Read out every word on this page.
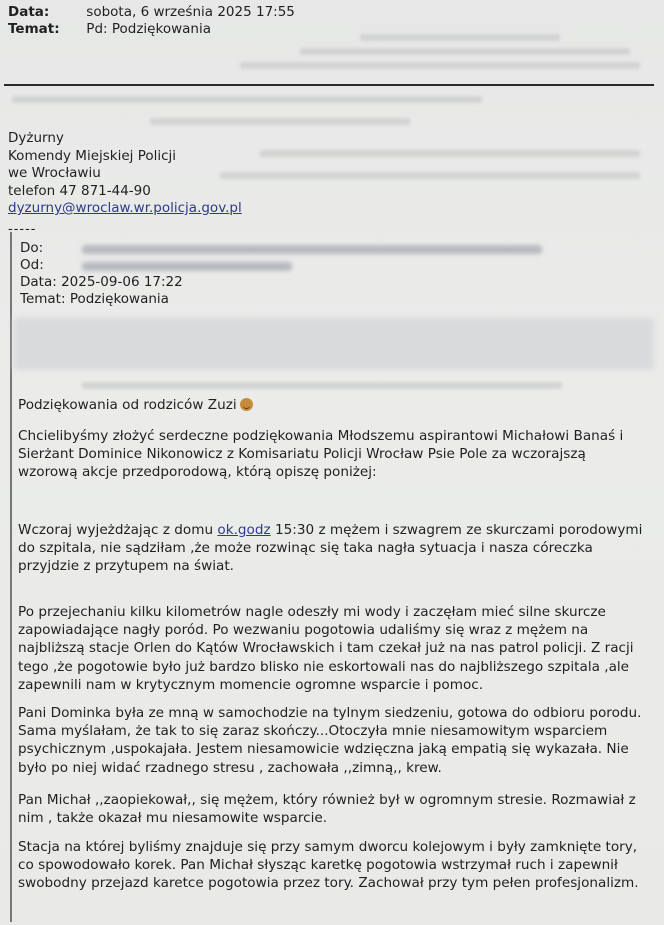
Data:	sobota, 6 września 2025 17:55
Temat: Pd: Podziękowania
Dyżurny
Komendy Miejskiej Policji
we Wrocławiu
telefon 47 871-44-90
dyzurny@wroclaw.wr.policja.gov.pl
-----
Do:
Od:
Data: 2025-09-06 17:22
Temat: Podziękowania
Podziękowania od rodziców Zuzi

Chcielibyśmy złożyć serdeczne podziękowania Młodszemu aspirantowi Michałowi Banaś i Sierżant Dominice Nikonowicz z Komisariatu Policji Wrocław Psie Pole za wczorajszą wzorową akcje przedporodową, którą opiszę poniżej:

Wczoraj wyjeżdżając z domu ok.godz 15:30 z mężem i szwagrem ze skurczami porodowymi do szpitala, nie sądziłam ,że może rozwinąc się taka nagła sytuacja i nasza córeczka przyjdzie z przytupem na świat.

Po przejechaniu kilku kilometrów nagle odeszły mi wody i zaczęłam mieć silne skurcze zapowiadające nagły poród. Po wezwaniu pogotowia udaliśmy się wraz z mężem na najbliższą stacje Orlen do Kątów Wrocławskich i tam czekał już na nas patrol policji. Z racji tego ,że pogotowie było już bardzo blisko nie eskortowali nas do najbliższego szpitala ,ale zapewnili nam w krytycznym momencie ogromne wsparcie i pomoc.

Pani Dominka była ze mną w samochodzie na tylnym siedzeniu, gotowa do odbioru porodu. Sama myślałam, że tak to się zaraz skończy...Otoczyła mnie niesamowitym wsparciem psychicznym ,uspokajała. Jestem niesamowicie wdzięczna jaką empatią się wykazała. Nie było po niej widać rzadnego stresu , zachowała ,,zimną,, krew.

Pan Michał ,,zaopiekował,, się mężem, który również był w ogromnym stresie. Rozmawiał z nim , także okazał mu niesamowite wsparcie.

Stacja na której byliśmy znajduje się przy samym dworcu kolejowym i były zamknięte tory, co spowodowało korek. Pan Michał słysząc karetkę pogotowia wstrzymał ruch i zapewnił swobodny przejazd karetce pogotowia przez tory. Zachował przy tym pełen profesjonalizm.
